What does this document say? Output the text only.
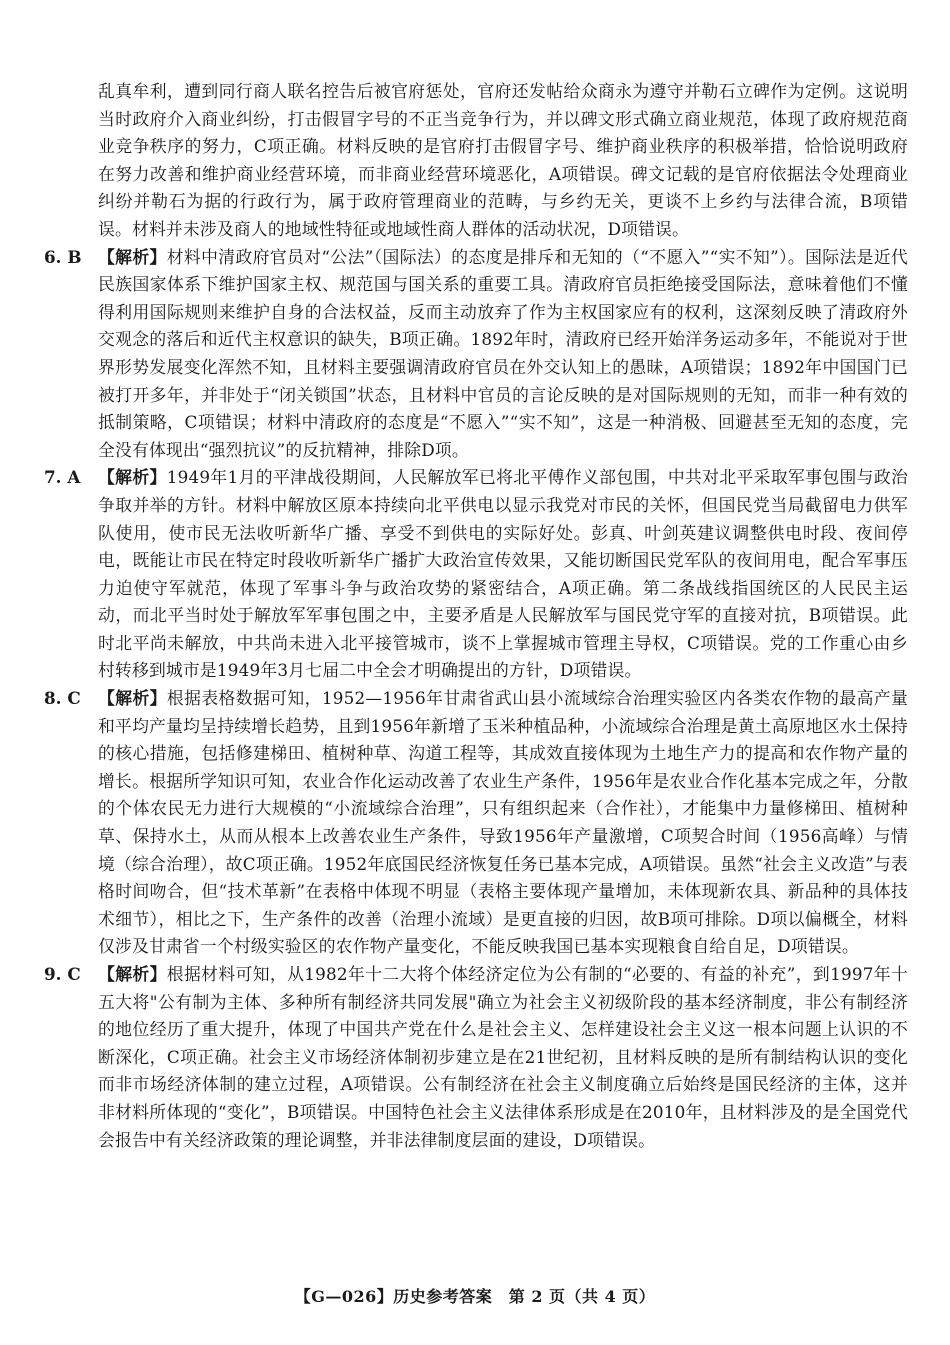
乱真牟利，遭到同行商人联名控告后被官府惩处，官府还发帖给众商永为遵守并勒石立碑作为定例。这说明当时政府介入商业纠纷，打击假冒字号的不正当竞争行为，并以碑文形式确立商业规范，体现了政府规范商业竞争秩序的努力，C项正确。材料反映的是官府打击假冒字号、维护商业秩序的积极举措，恰恰说明政府在努力改善和维护商业经营环境，而非商业经营环境恶化，A项错误。碑文记载的是官府依据法令处理商业纠纷并勒石为据的行政行为，属于政府管理商业的范畴，与乡约无关，更谈不上乡约与法律合流，B项错误。材料并未涉及商人的地域性特征或地域性商人群体的活动状况，D项错误。
6. B 【解析】材料中清政府官员对“公法”（国际法）的态度是排斥和无知的（“不愿入”“实不知”）。国际法是近代民族国家体系下维护国家主权、规范国与国关系的重要工具。清政府官员拒绝接受国际法，意味着他们不懂得利用国际规则来维护自身的合法权益，反而主动放弃了作为主权国家应有的权利，这深刻反映了清政府外交观念的落后和近代主权意识的缺失，B项正确。1892年时，清政府已经开始洋务运动多年，不能说对于世界形势发展变化浑然不知，且材料主要强调清政府官员在外交认知上的愚昧，A项错误；1892年中国国门已被打开多年，并非处于“闭关锁国”状态，且材料中官员的言论反映的是对国际规则的无知，而非一种有效的抵制策略，C项错误；材料中清政府的态度是“不愿入”“实不知”，这是一种消极、回避甚至无知的态度，完全没有体现出“强烈抗议”的反抗精神，排除D项。
7. A	【解析】1949年1月的平津战役期间，人民解放军已将北平傅作义部包围，中共对北平采取军事包围与政治争取并举的方针。材料中解放区原本持续向北平供电以显示我党对市民的关怀，但国民党当局截留电力供军队使用，使市民无法收听新华广播、享受不到供电的实际好处。彭真、叶剑英建议调整供电时段、夜间停电，既能让市民在特定时段收听新华广播扩大政治宣传效果，又能切断国民党军队的夜间用电，配合军事压力迫使守军就范，体现了军事斗争与政治攻势的紧密结合，A项正确。第二条战线指国统区的人民民主运动，而北平当时处于解放军军事包围之中，主要矛盾是人民解放军与国民党守军的直接对抗，B项错误。此时北平尚未解放，中共尚未进入北平接管城市，谈不上掌握城市管理主导权，C项错误。党的工作重心由乡村转移到城市是1949年3月七届二中全会才明确提出的方针，D项错误。
8. C	【解析】根据表格数据可知，1952—1956年甘肃省武山县小流域综合治理实验区内各类农作物的最高产量和平均产量均呈持续增长趋势，且到1956年新增了玉米种植品种，小流域综合治理是黄土高原地区水土保持的核心措施，包括修建梯田、植树种草、沟道工程等，其成效直接体现为土地生产力的提高和农作物产量的增长。根据所学知识可知，农业合作化运动改善了农业生产条件，1956年是农业合作化基本完成之年，分散的个体农民无力进行大规模的“小流域综合治理”，只有组织起来（合作社），才能集中力量修梯田、植树种草、保持水土，从而从根本上改善农业生产条件，导致1956年产量激增，C项契合时间（1956高峰）与情境（综合治理），故C项正确。1952年底国民经济恢复任务已基本完成，A项错误。虽然“社会主义改造”与表格时间吻合，但“技术革新”在表格中体现不明显（表格主要体现产量增加，未体现新农具、新品种的具体技术细节），相比之下，生产条件的改善（治理小流域）是更直接的归因，故B项可排除。D项以偏概全，材料仅涉及甘肃省一个村级实验区的农作物产量变化，不能反映我国已基本实现粮食自给自足，D项错误。
9. C	【解析】根据材料可知，从1982年十二大将个体经济定位为公有制的“必要的、有益的补充”，到1997年十五大将"公有制为主体、多种所有制经济共同发展"确立为社会主义初级阶段的基本经济制度，非公有制经济的地位经历了重大提升，体现了中国共产党在什么是社会主义、怎样建设社会主义这一根本问题上认识的不断深化，C项正确。社会主义市场经济体制初步建立是在21世纪初，且材料反映的是所有制结构认识的变化而非市场经济体制的建立过程，A项错误。公有制经济在社会主义制度确立后始终是国民经济的主体，这并非材料所体现的“变化”，B项错误。中国特色社会主义法律体系形成是在2010年，且材料涉及的是全国党代会报告中有关经济政策的理论调整，并非法律制度层面的建设，D项错误。
【G—026】历史参考答案　第 2 页（共 4 页）
